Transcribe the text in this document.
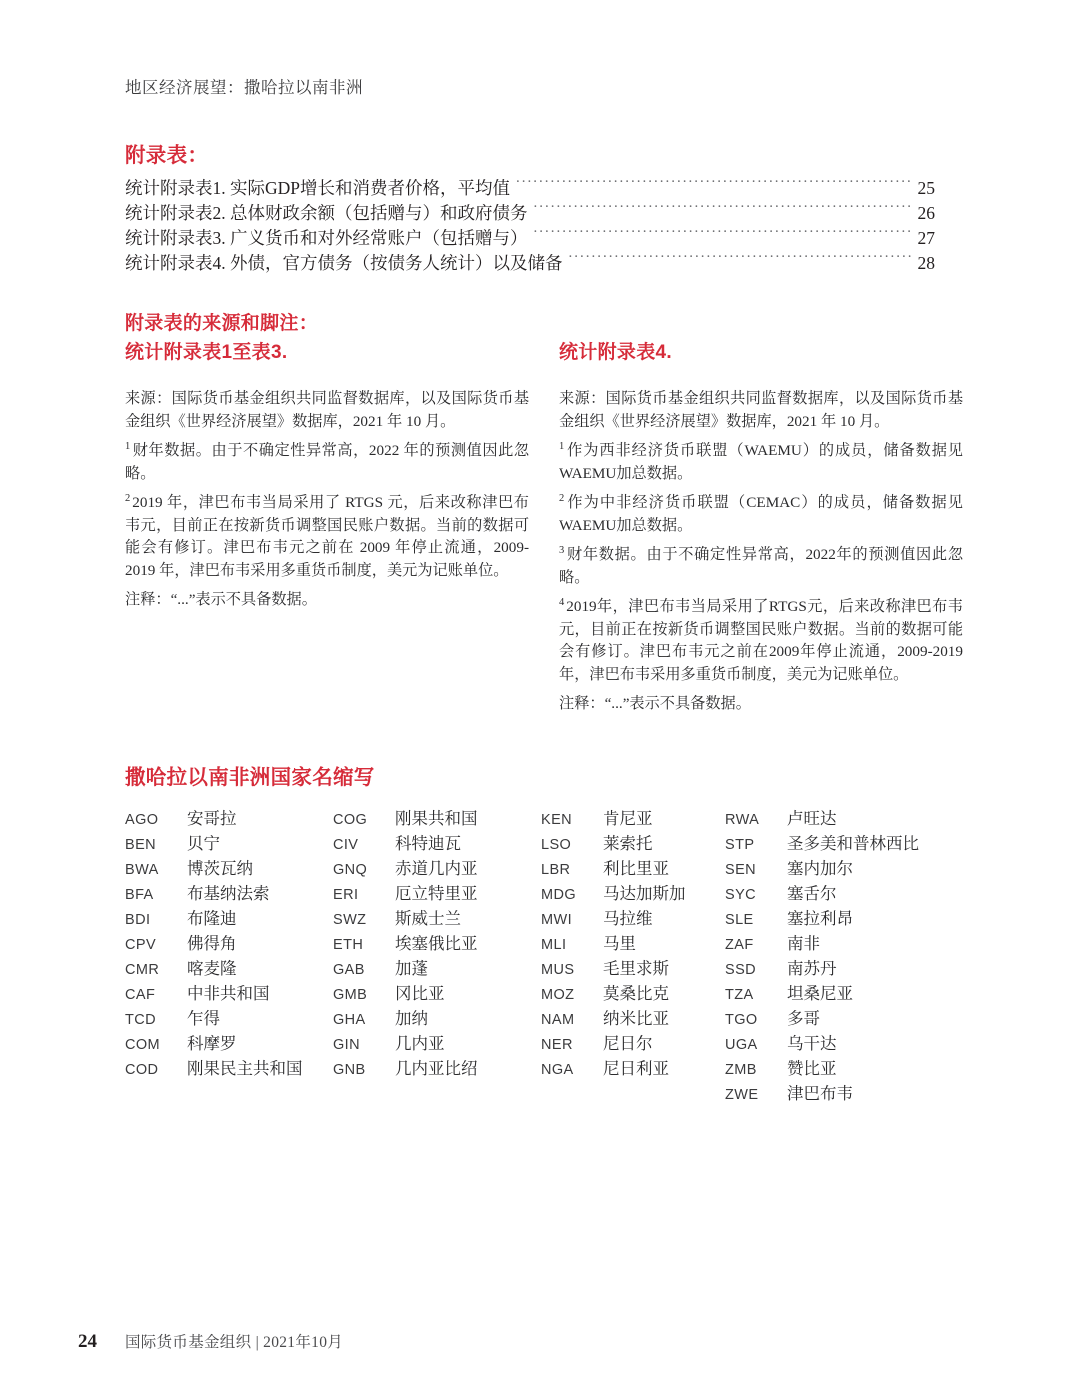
地区经济展望：撒哈拉以南非洲
附录表：
统计附录表1. 实际GDP增长和消费者价格，平均值 .....	25
统计附录表2. 总体财政余额（包括赠与）和政府债务 .....	26
统计附录表3. 广义货币和对外经常账户（包括赠与） .....	27
统计附录表4. 外债，官方债务（按债务人统计）以及储备 .....	28
附录表的来源和脚注：
统计附录表1至表3.	统计附录表4.

来源：国际货币基金组织共同监督数据库，以及国际货币基金组织《世界经济展望》数据库，2021 年 10 月。

$^1$ 财年数据。由于不确定性异常高，2022 年的预测值因此忽略。

$^2$ 2019 年，津巴布韦当局采用了 RTGS 元，后来改称津巴布韦元，目前正在按新货币调整国民账户数据。当前的数据可能会有修订。津巴布韦元之前在 2009 年停止流通，2009-2019 年，津巴布韦采用多重货币制度，美元为记账单位。

注释：“...”表示不具备数据。

来源：国际货币基金组织共同监督数据库，以及国际货币基金组织《世界经济展望》数据库，2021 年 10 月。

$^1$ 作为西非经济货币联盟（WAEMU）的成员，储备数据见WAEMU加总数据。

$^2$ 作为中非经济货币联盟（CEMAC）的成员，储备数据见WAEMU加总数据。

$^3$ 财年数据。由于不确定性异常高，2022年的预测值因此忽略。

$^4$ 2019年，津巴布韦当局采用了RTGS元，后来改称津巴布韦元，目前正在按新货币调整国民账户数据。当前的数据可能会有修订。津巴布韦元之前在2009年停止流通，2009-2019年，津巴布韦采用多重货币制度，美元为记账单位。

注释：“...”表示不具备数据。

撒哈拉以南非洲国家名缩写
AGO	安哥拉
BEN	贝宁
BWA	博茨瓦纳
BFA	布基纳法索
BDI	布隆迪
CPV	佛得角
CMR	喀麦隆
CAF	中非共和国
TCD	乍得
COM	科摩罗
COD	刚果民主共和国
COG	刚果共和国
CIV	科特迪瓦
GNQ	赤道几内亚
ERI	厄立特里亚
SWZ	斯威士兰
ETH	埃塞俄比亚
GAB	加蓬
GMB	冈比亚
GHA	加纳
GIN	几内亚
GNB	几内亚比绍
KEN	肯尼亚
LSO	莱索托
LBR	利比里亚
MDG	马达加斯加
MWI	马拉维
MLI	马里
MUS	毛里求斯
MOZ	莫桑比克
NAM	纳米比亚
NER	尼日尔
NGA	尼日利亚
RWA	卢旺达
STP	圣多美和普林西比
SEN	塞内加尔
SYC	塞舌尔
SLE	塞拉利昂
ZAF	南非
SSD	南苏丹
TZA	坦桑尼亚
TGO	多哥
UGA	乌干达
ZMB	赞比亚
ZWE	津巴布韦
24	国际货币基金组织 | 2021年10月
